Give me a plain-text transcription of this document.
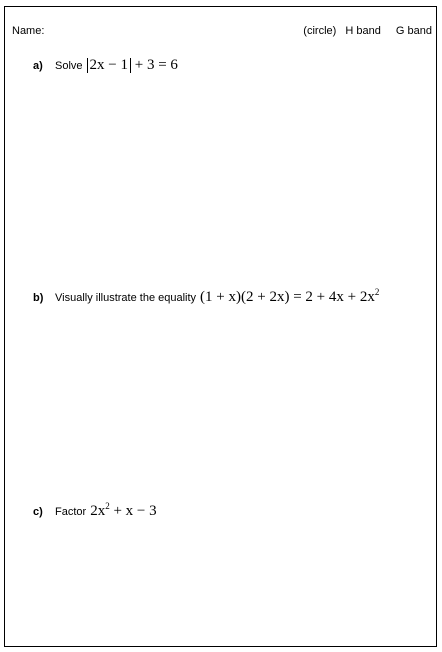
Name:	(circle) H band G band
a)	Solve 2x − 1 + 3 = 6
b)	Visually illustrate the equality $(1 + x)(2 + 2x) = 2 + 4x + 2x^2$
c)	Factor $2x^2 + x - 3$
